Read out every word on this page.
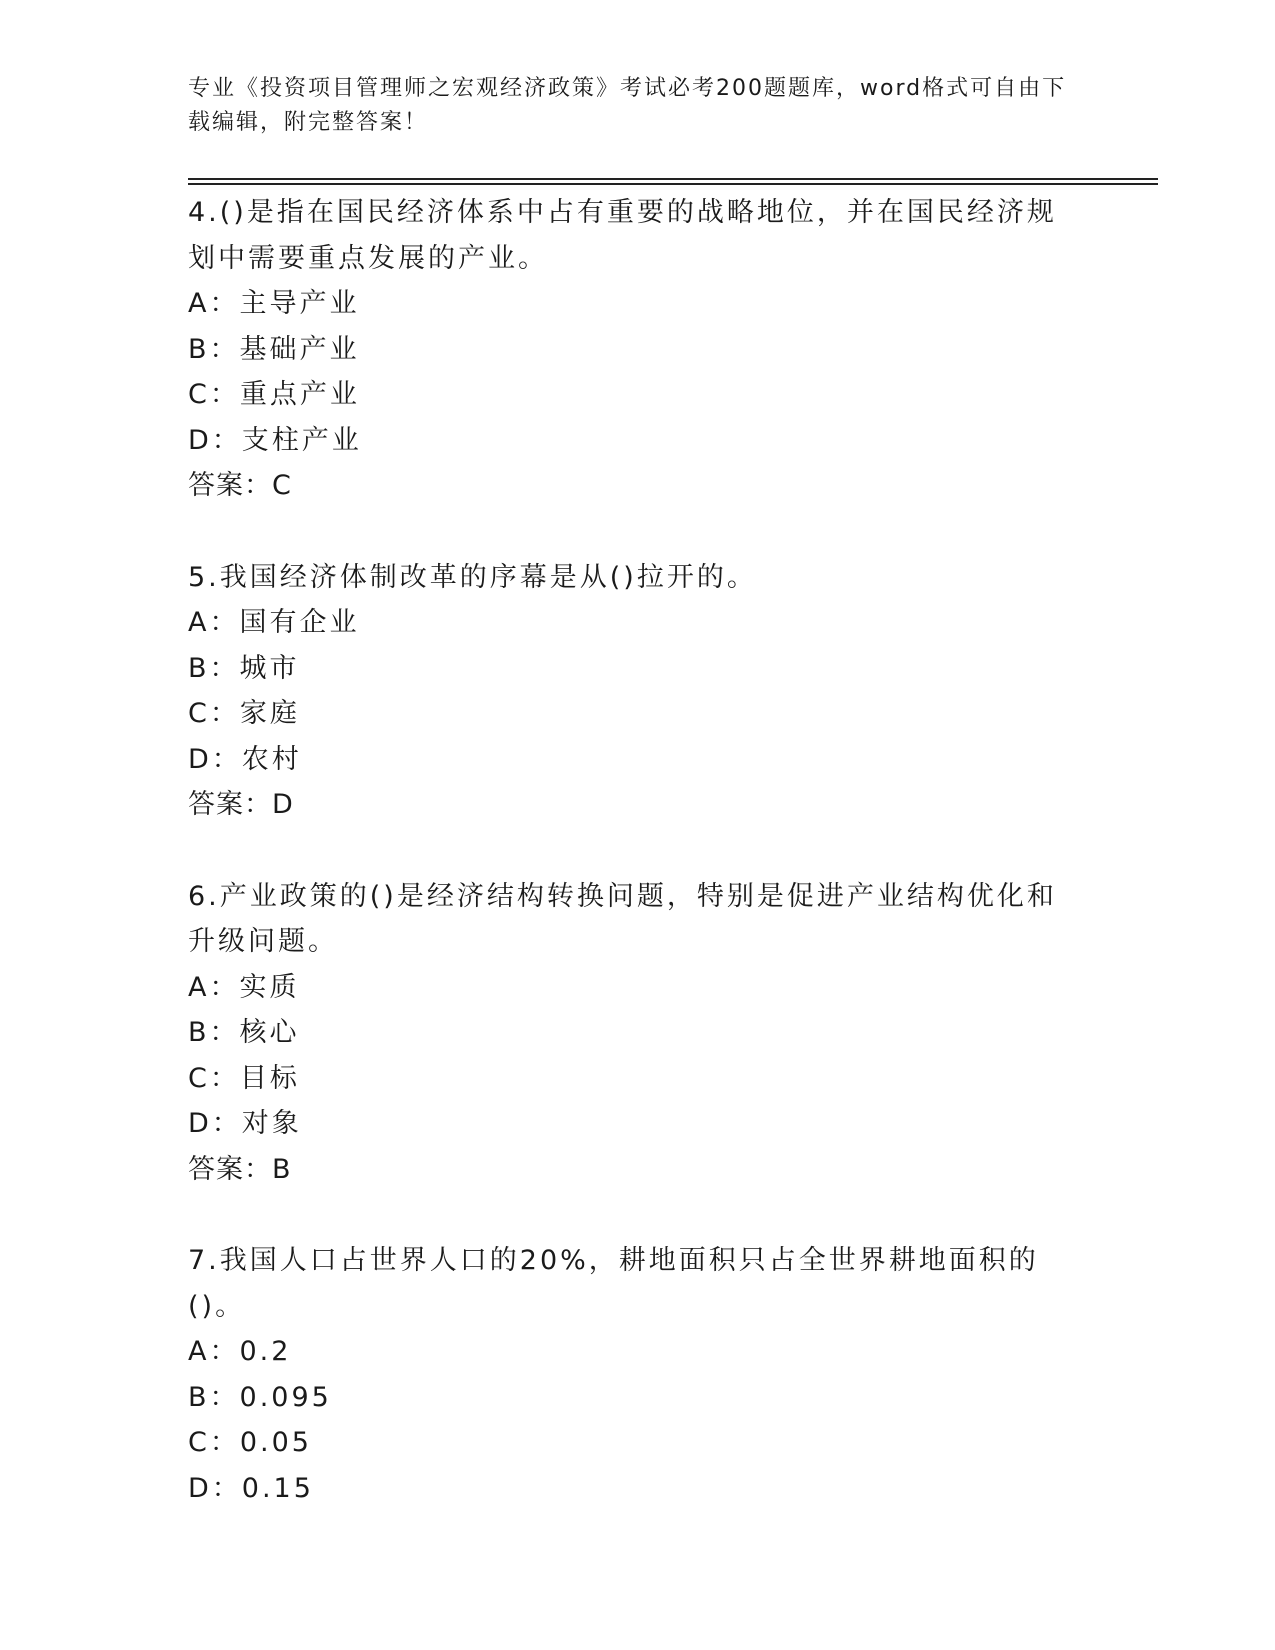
专业《投资项目管理师之宏观经济政策》考试必考200题题库，word格式可自由下载编辑，附完整答案！
4.()是指在国民经济体系中占有重要的战略地位，并在国民经济规划中需要重点发展的产业。
A：主导产业
B：基础产业
C：重点产业
D：支柱产业
答案：C
5.我国经济体制改革的序幕是从()拉开的。
A：国有企业
B：城市
C：家庭
D：农村
答案：D
6.产业政策的()是经济结构转换问题，特别是促进产业结构优化和升级问题。
A：实质
B：核心
C：目标
D：对象
答案：B
7.我国人口占世界人口的20%，耕地面积只占全世界耕地面积的()。
A：0.2
B：0.095
C：0.05
D：0.15
